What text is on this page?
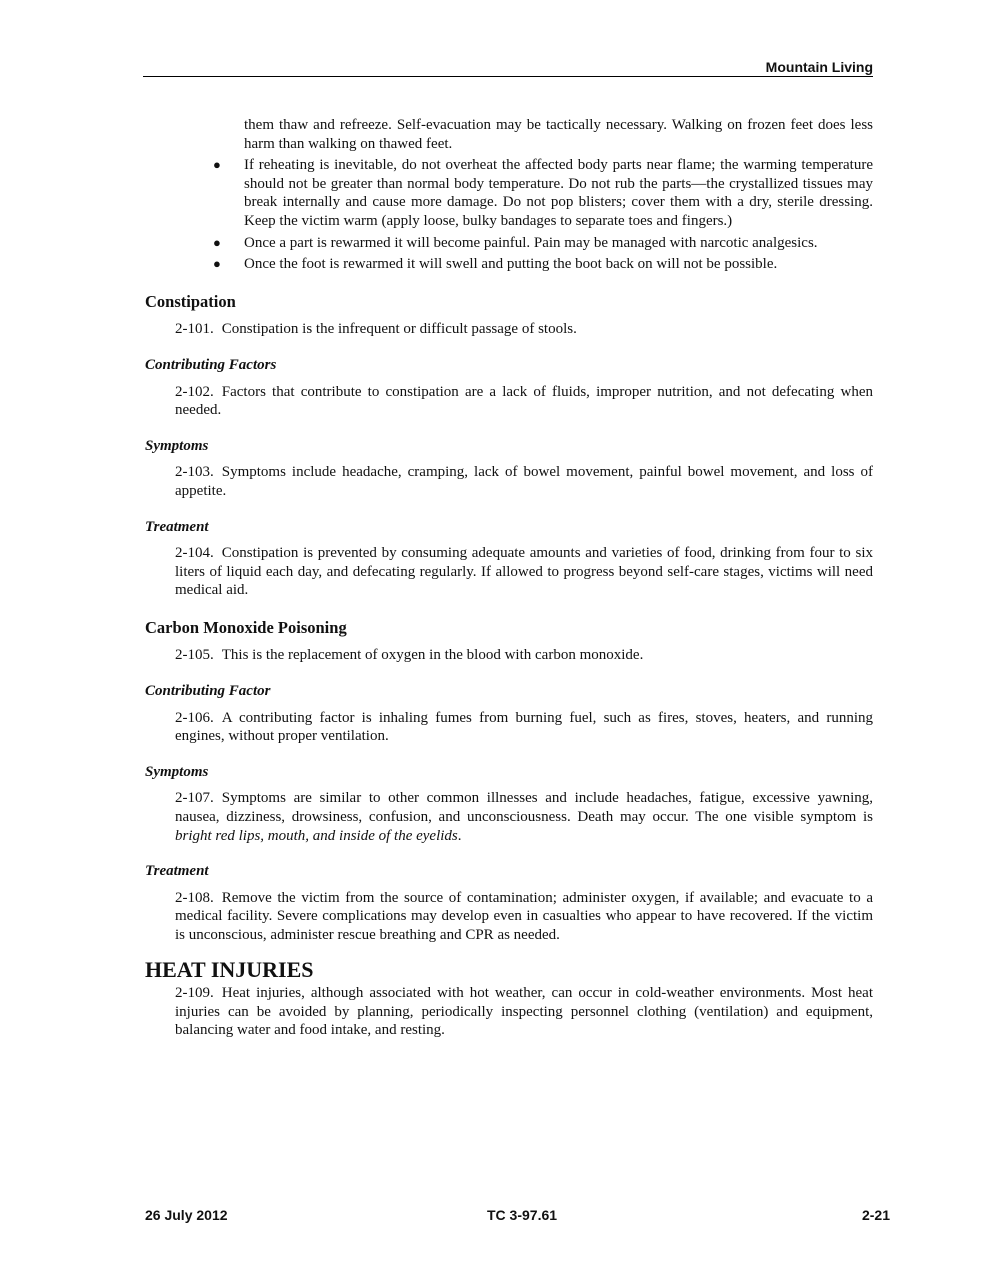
Mountain Living
them thaw and refreeze. Self-evacuation may be tactically necessary. Walking on frozen feet does less harm than walking on thawed feet.
● If reheating is inevitable, do not overheat the affected body parts near flame; the warming temperature should not be greater than normal body temperature. Do not rub the parts—the crystallized tissues may break internally and cause more damage. Do not pop blisters; cover them with a dry, sterile dressing. Keep the victim warm (apply loose, bulky bandages to separate toes and fingers.)
● Once a part is rewarmed it will become painful. Pain may be managed with narcotic analgesics.
● Once the foot is rewarmed it will swell and putting the boot back on will not be possible.
Constipation
2-101. Constipation is the infrequent or difficult passage of stools.
Contributing Factors
2-102. Factors that contribute to constipation are a lack of fluids, improper nutrition, and not defecating when needed.
Symptoms
2-103. Symptoms include headache, cramping, lack of bowel movement, painful bowel movement, and loss of appetite.
Treatment
2-104. Constipation is prevented by consuming adequate amounts and varieties of food, drinking from four to six liters of liquid each day, and defecating regularly. If allowed to progress beyond self-care stages, victims will need medical aid.
Carbon Monoxide Poisoning
2-105. This is the replacement of oxygen in the blood with carbon monoxide.
Contributing Factor
2-106. A contributing factor is inhaling fumes from burning fuel, such as fires, stoves, heaters, and running engines, without proper ventilation.
Symptoms
2-107. Symptoms are similar to other common illnesses and include headaches, fatigue, excessive yawning, nausea, dizziness, drowsiness, confusion, and unconsciousness. Death may occur. The one visible symptom is bright red lips, mouth, and inside of the eyelids.
Treatment
2-108. Remove the victim from the source of contamination; administer oxygen, if available; and evacuate to a medical facility. Severe complications may develop even in casualties who appear to have recovered. If the victim is unconscious, administer rescue breathing and CPR as needed.
HEAT INJURIES
2-109. Heat injuries, although associated with hot weather, can occur in cold-weather environments. Most heat injuries can be avoided by planning, periodically inspecting personnel clothing (ventilation) and equipment, balancing water and food intake, and resting.
26 July 2012	TC 3-97.61	2-21
